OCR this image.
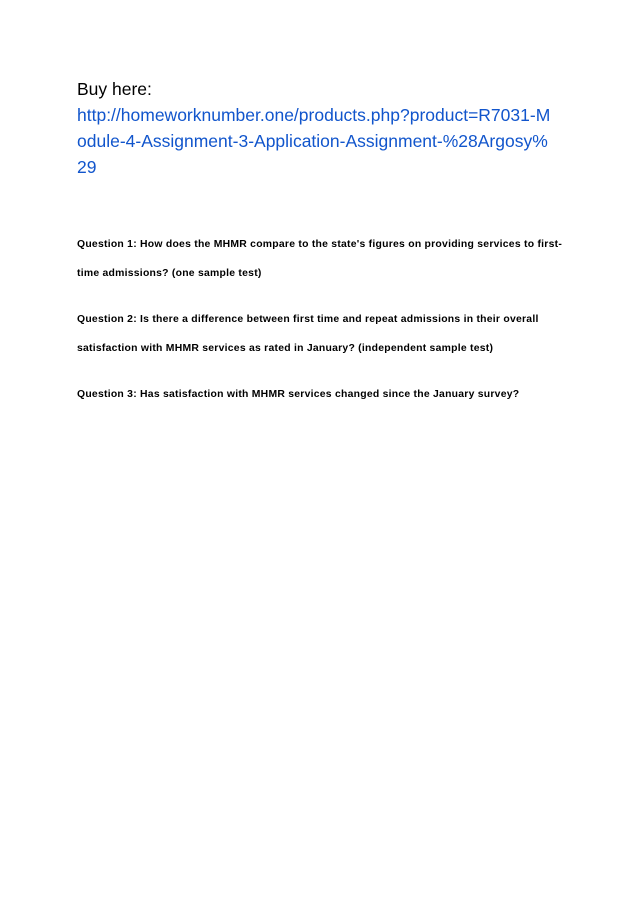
Buy here:

http://homeworknumber.one/products.php?product=R7031-Module-4-Assignment-3-Application-Assignment-%28Argosy%29

Question 1: How does the MHMR compare to the state's figures on providing services to first-time admissions? (one sample test)

Question 2: Is there a difference between first time and repeat admissions in their overall satisfaction with MHMR services as rated in January? (independent sample test)

Question 3: Has satisfaction with MHMR services changed since the January survey?
